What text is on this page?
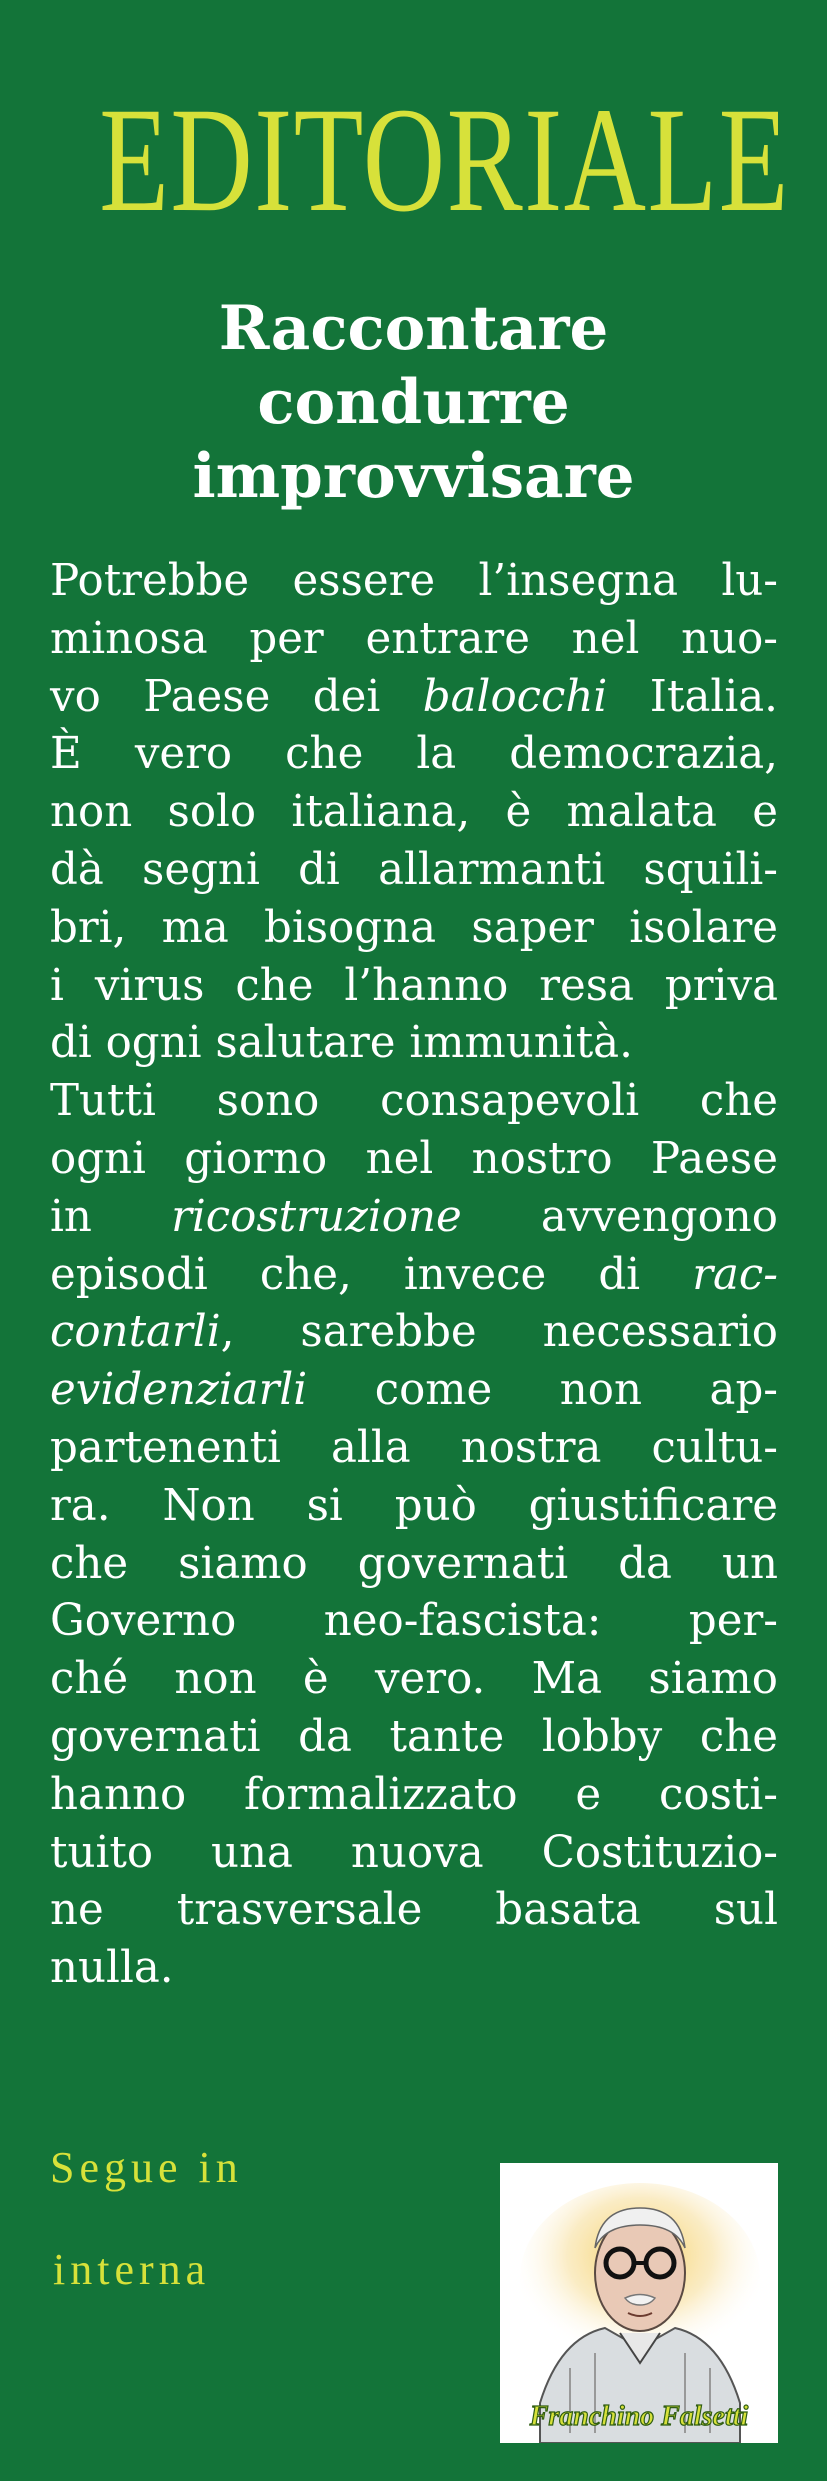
EDITORIALE
Raccontare
condurre
improvvisare
Potrebbe essere l’insegna lu-
minosa per entrare nel nuo-
vo Paese dei balocchi Italia.
È vero che la democrazia,
non solo italiana, è malata e
dà segni di allarmanti squili-
bri, ma bisogna saper isolare
i virus che l’hanno resa priva
di ogni salutare immunità.
Tutti sono consapevoli che
ogni giorno nel nostro Paese
in ricostruzione avvengono
episodi che, invece di rac-
contarli, sarebbe necessario
evidenziarli come non ap-
partenenti alla nostra cultu-
ra. Non si può giustificare
che siamo governati da un
Governo neo-fascista: per-
ché non è vero. Ma siamo
governati da tante lobby che
hanno formalizzato e costi-
tuito una nuova Costituzio-
ne trasversale basata sul
nulla.
Segue in
interna
Franchino Falsetti
